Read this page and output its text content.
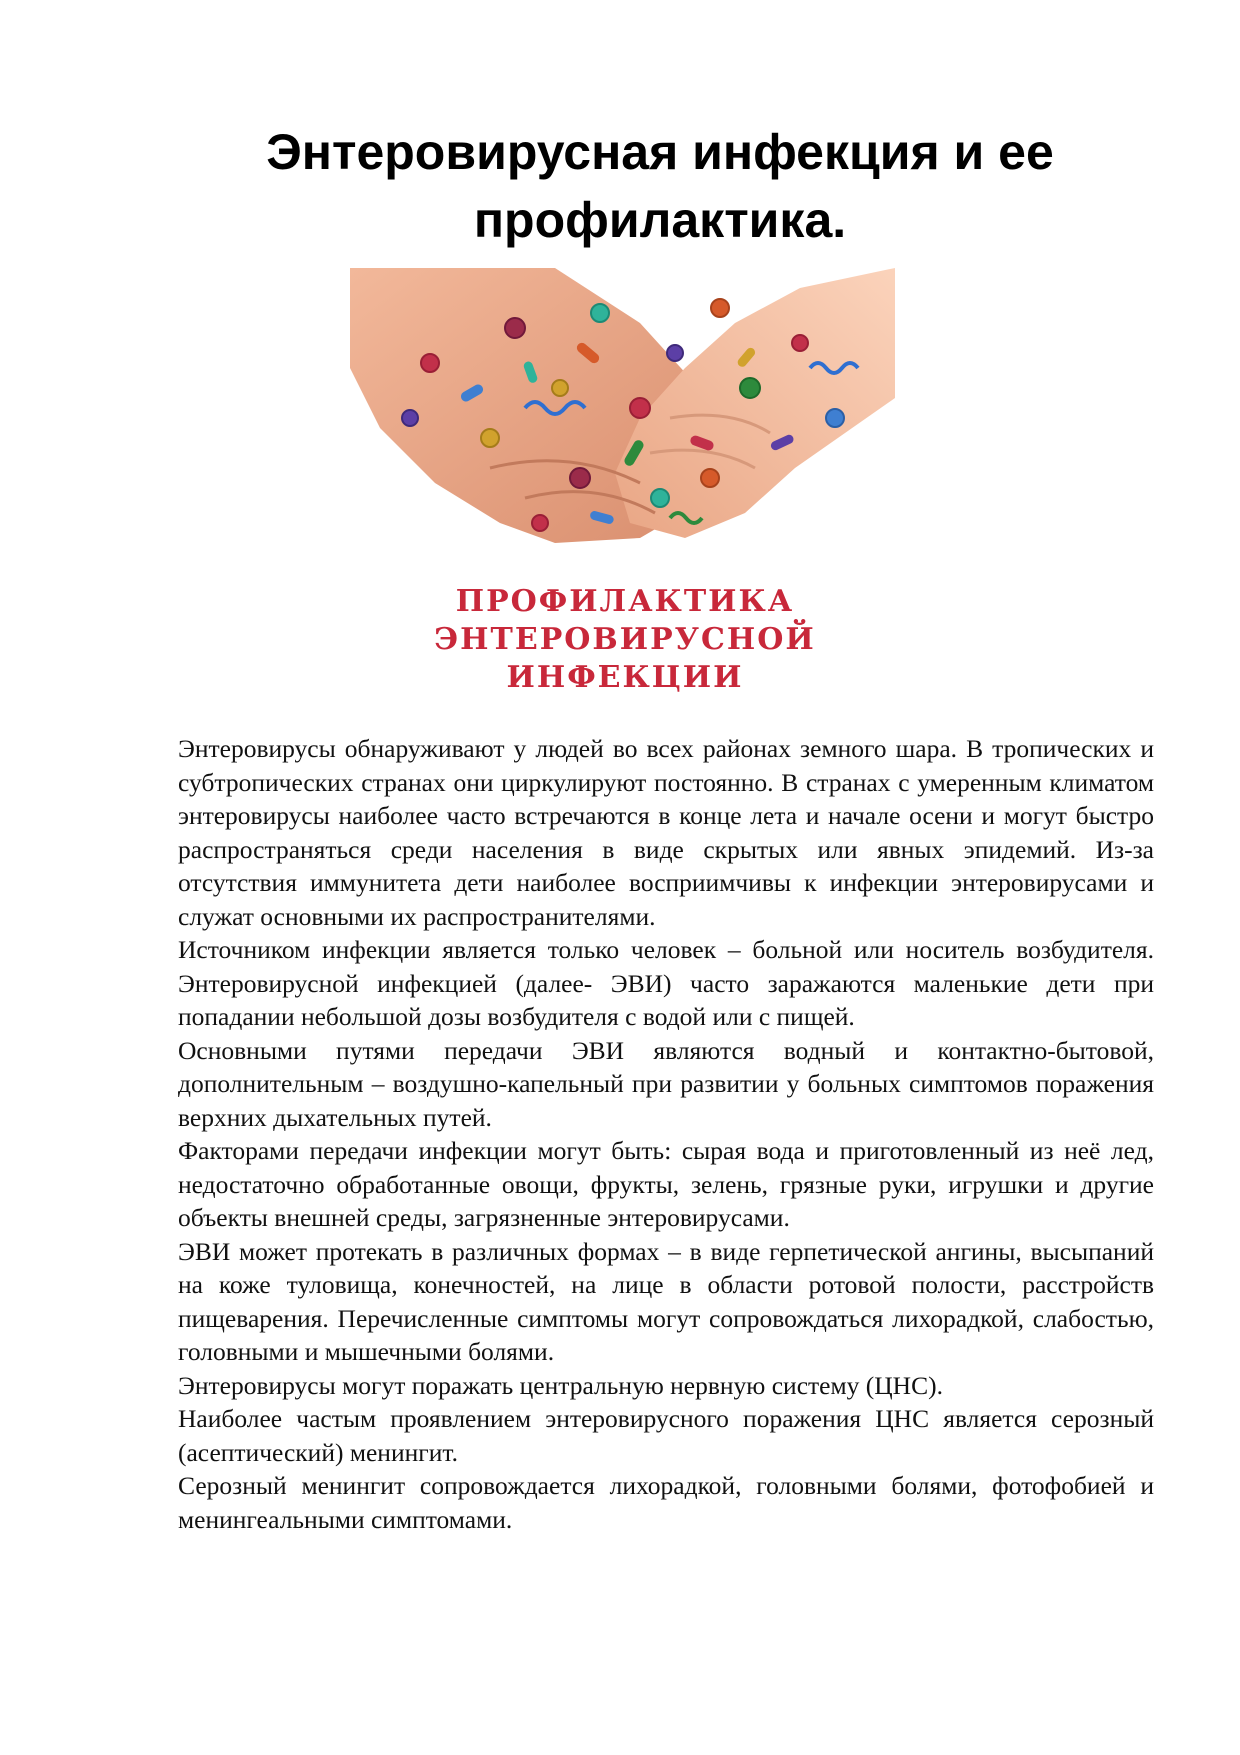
Энтеровирусная инфекция и ее
профилактика.
ПРОФИЛАКТИКА
ЭНТЕРОВИРУСНОЙ
ИНФЕКЦИИ

Энтеровирусы обнаруживают у людей во всех районах земного шара. В тропических и субтропических странах они циркулируют постоянно. В странах с умеренным климатом энтеровирусы наиболее часто встречаются в конце лета и начале осени и могут быстро распространяться среди населения в виде скрытых или явных эпидемий. Из-за отсутствия иммунитета дети наиболее восприимчивы к инфекции энтеровирусами и служат основными их распространителями.

Источником инфекции является только человек – больной или носитель возбудителя. Энтеровирусной инфекцией (далее- ЭВИ) часто заражаются маленькие дети при попадании небольшой дозы возбудителя с водой или с пищей.

Основными путями передачи ЭВИ являются водный и контактно-бытовой, дополнительным – воздушно-капельный при развитии у больных симптомов поражения верхних дыхательных путей.

Факторами передачи инфекции могут быть: сырая вода и приготовленный из неё лед, недостаточно обработанные овощи, фрукты, зелень, грязные руки, игрушки и другие объекты внешней среды, загрязненные энтеровирусами.

ЭВИ может протекать в различных формах – в виде герпетической ангины, высыпаний на коже туловища, конечностей, на лице в области ротовой полости, расстройств пищеварения. Перечисленные симптомы могут сопровождаться лихорадкой, слабостью, головными и мышечными болями.

Энтеровирусы могут поражать центральную нервную систему (ЦНС).

Наиболее частым проявлением энтеровирусного поражения ЦНС является серозный (асептический) менингит.

Серозный менингит сопровождается лихорадкой, головными болями, фотофобией и менингеальными симптомами.
